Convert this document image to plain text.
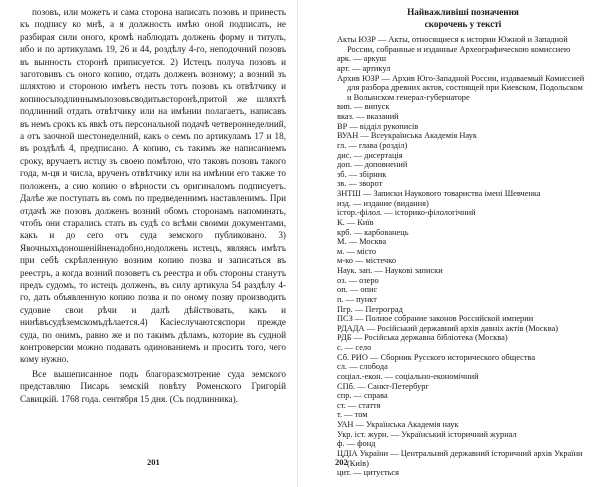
позовъ, или можетъ и сама сторона написать позовъ и принесть къ подпису ко мнѣ, а я должность имѣю оной подписать, не разбирая сили оного, кромѣ наблюдать должень форму и титулъ, ибо и по артикуламъ 19, 26 и 44, роздѣлу 4-го, неподочний позовъ въ вынность сторонѣ приписуется. 2) Истецъ получа позовъ и заготовивъ съ оного копию, отдать долженъ возному; а возний зъ шляхтою и стороною имѣетъ несть тотъ позовъ къ отвѣтчику и копиюсъподлиннымъпозовъсводитьвсторонѣ,притой же шляхтѣ подлинний отдать отвѣтчику или на имѣнии полагаетъ, написавъ въ немъ срокъ къ явкѣ отъ персональной подачѣ четвероннеделний, а отъ заочной шестонеделний, какъ о семъ по артикуламъ 17 и 18, въ роздѣлѣ 4, предписано. А копию, съ такимъ же написаниемъ сроку, вручаетъ истцу зъ своею помѣтою, что таковъ позовъ такого года, м-ця и числа, врученъ отвѣтчику или на имѣнии его также то положенъ, а сию копию о вѣрности съ оригиналомъ подписуетъ. Далѣе же поступать въ сомъ по предведеннимъ наставленимъ. При отдачѣ же позовъ долженъ возний обомъ сторонамъ напоминать, чтобъ они старались стать въ судѣ со всѣми своими документами, какъ и до сего отъ суда земского публиковано. 3) Явочныхъдоношенійненадобно,нодолжень истецъ, являясь имѣтъ при себѣ скрѣпленную возним копию позва и записаться въ реестръ, а когда возний позоветъ съ реестра и объ стороны станутъ предъ судомъ, то истецъ долженъ, въ силу артикула 54 раздѣлу 4-го, дать объявленную копию позва и по оному позву производить судовие свои рѣчи и далѣ дѣйствовать, какъ и нинѣвъсудѣземскомъдѣлается.4) Касіеслучаютсяспори прежде суда, по онимъ, равно же и по такимъ дѣламъ, которие въ судной контроверсии можно подавать одинованиемъ и просить того, чего кому нужно.

Все вышеписанное подъ благоразсмотрение суда земского представляю Писарь земскій повѣту Роменского Григорій Савицкій. 1768 года. сентября 15 дня. (Съ подлинника).

201
Найважливіші позначення
скорочень у тексті
Акты ЮЗР — Акты, относящиеся к истории Южной и Западной России, собранные и изданные Археографическою комиссиею
арк. — аркуш
арт. — артикул
Архив ЮЗР — Архив Юго-Западной России, издаваемый Комиссией для разбора древних актов, состоящей при Киевском, Подольском и Волынском генерал-губернаторе
вип. — випуск
вказ. — вказаний
ВР — відділ рукописів
ВУАН — Всеукраїнська Академія Наук
гл. — глава (розділ)
дис. — дисертація
доп. — доповнений
зб. — збірник
зв. — зворот
ЗНТШ — Записки Наукового товариства імені Шевченка
изд. — издание (видання)
істор.-філол. — історико-філологічний
К. — Київ
крб. — карбованець
М. — Москва
м. — місто
м-ко — містечко
Наук. зап. — Наукові записки
оз. — озеро
оп. — опис
п. — пункт
Пгр. — Петроград
ПСЗ — Полное собрание законов Российской империи
РДАДА — Російський державний архів давніх актів (Москва)
РДБ — Російська державна бібліотека (Москва)
с. — село
Сб. РИО — Сборник Русского исторического общества
сл. — слобода
соціал.-екон. — соціально-економічний
СПб. — Санкт-Петербург
спр. — справа
ст. — стаття
т. — том
УАН — Українська Академія наук
Укр. іст. журн. — Український історичний журнал
ф. — фонд
ЦДІА України — Центральний державний історичний архів України (Київ)
цит. — цитується
202
